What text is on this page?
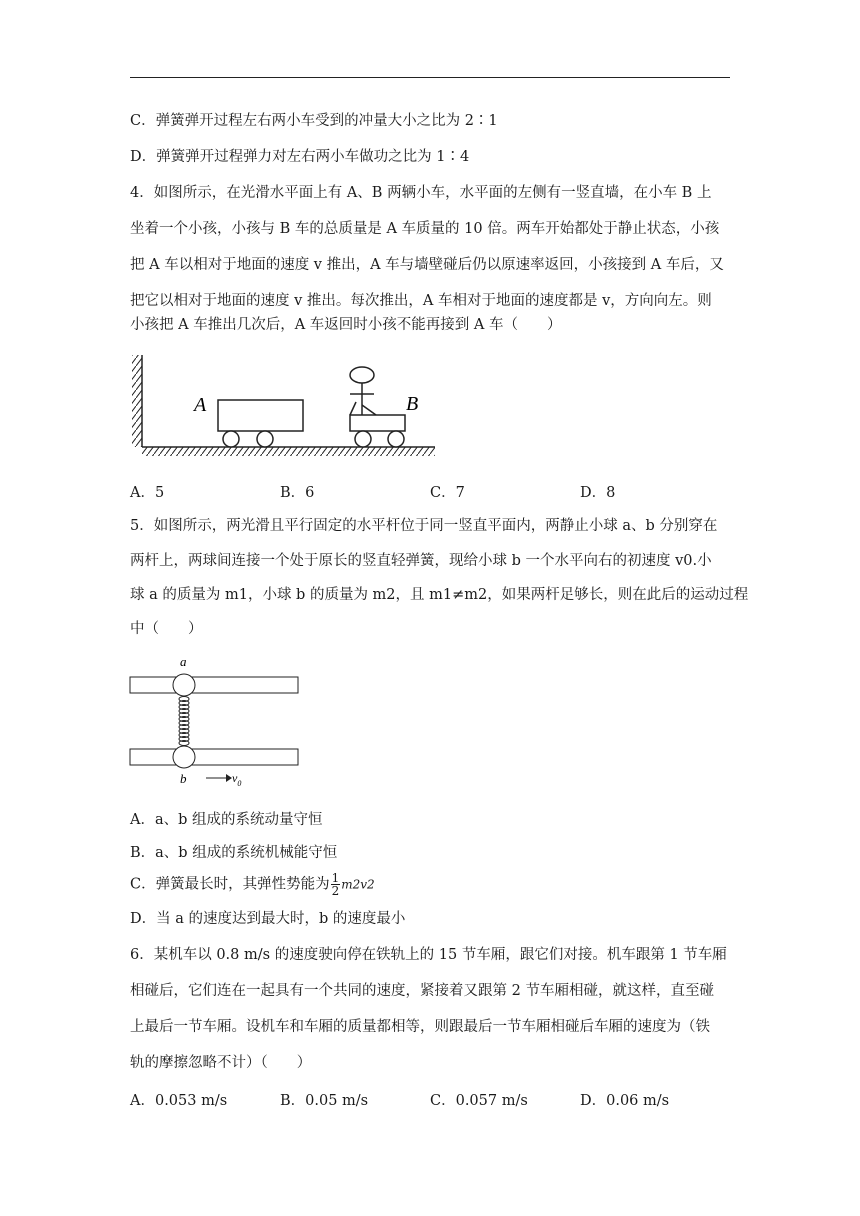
C．弹簧弹开过程左右两小车受到的冲量大小之比为 2∶1
D．弹簧弹开过程弹力对左右两小车做功之比为 1∶4
4．如图所示，在光滑水平面上有 A、B 两辆小车，水平面的左侧有一竖直墙，在小车 B 上
坐着一个小孩，小孩与 B 车的总质量是 A 车质量的 10 倍。两车开始都处于静止状态，小孩
把 A 车以相对于地面的速度 v 推出，A 车与墙壁碰后仍以原速率返回，小孩接到 A 车后，又
把它以相对于地面的速度 v 推出。每次推出，A 车相对于地面的速度都是 v，方向向左。则
小孩把 A 车推出几次后，A 车返回时小孩不能再接到 A 车（　　）
A	B
A．5	B．6	C．7	D．8
5．如图所示，两光滑且平行固定的水平杆位于同一竖直平面内，两静止小球 a、b 分别穿在
两杆上，两球间连接一个处于原长的竖直轻弹簧，现给小球 b 一个水平向右的初速度 v0.小
球 a 的质量为 m1，小球 b 的质量为 m2，且 m1≠m2，如果两杆足够长，则在此后的运动过程
中（　　）
a
b	$v_0$
A．a、b 组成的系统动量守恒
B．a、b 组成的系统机械能守恒
C．弹簧最长时，其弹性势能为 $\frac{1}{2} m2v2$
D．当 a 的速度达到最大时，b 的速度最小
6．某机车以 0.8 m/s 的速度驶向停在铁轨上的 15 节车厢，跟它们对接。机车跟第 1 节车厢
相碰后，它们连在一起具有一个共同的速度，紧接着又跟第 2 节车厢相碰，就这样，直至碰
上最后一节车厢。设机车和车厢的质量都相等，则跟最后一节车厢相碰后车厢的速度为（铁
轨的摩擦忽略不计）（　　）
A．0.053 m/s	B．0.05 m/s	C．0.057 m/s	D．0.06 m/s
